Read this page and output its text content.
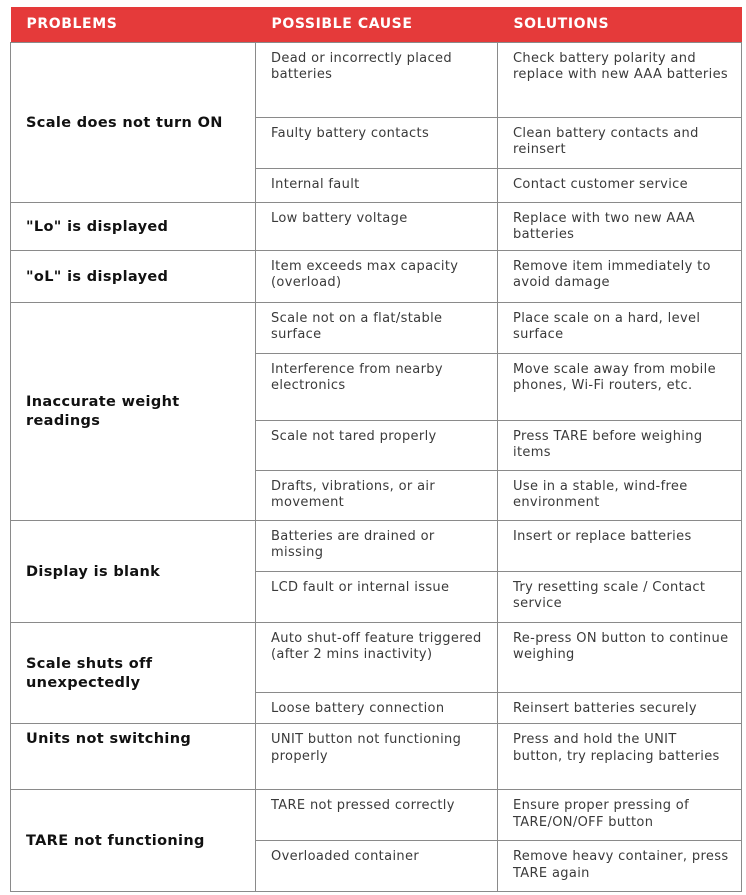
PROBLEMS	POSSIBLE CAUSE	SOLUTIONS
Scale does not turn ON	Dead or incorrectly placed batteries	Check battery polarity and replace with new AAA batteries
	Faulty battery contacts	Clean battery contacts and reinsert
	Internal fault	Contact customer service
"Lo" is displayed	Low battery voltage	Replace with two new AAA batteries
"oL" is displayed	Item exceeds max capacity (overload)	Remove item immediately to avoid damage
Inaccurate weight readings	Scale not on a flat/stable surface	Place scale on a hard, level surface
	Interference from nearby electronics	Move scale away from mobile phones, Wi-Fi routers, etc.
	Scale not tared properly	Press TARE before weighing items
	Drafts, vibrations, or air movement	Use in a stable, wind-free environment
Display is blank	Batteries are drained or missing	Insert or replace batteries
	LCD fault or internal issue	Try resetting scale / Contact service
Scale shuts off unexpectedly	Auto shut-off feature triggered (after 2 mins inactivity)	Re-press ON button to continue weighing
	Loose battery connection	Reinsert batteries securely
Units not switching	UNIT button not functioning properly	Press and hold the UNIT button, try replacing batteries
TARE not functioning	TARE not pressed correctly	Ensure proper pressing of TARE/ON/OFF button
	Overloaded container	Remove heavy container, press TARE again
